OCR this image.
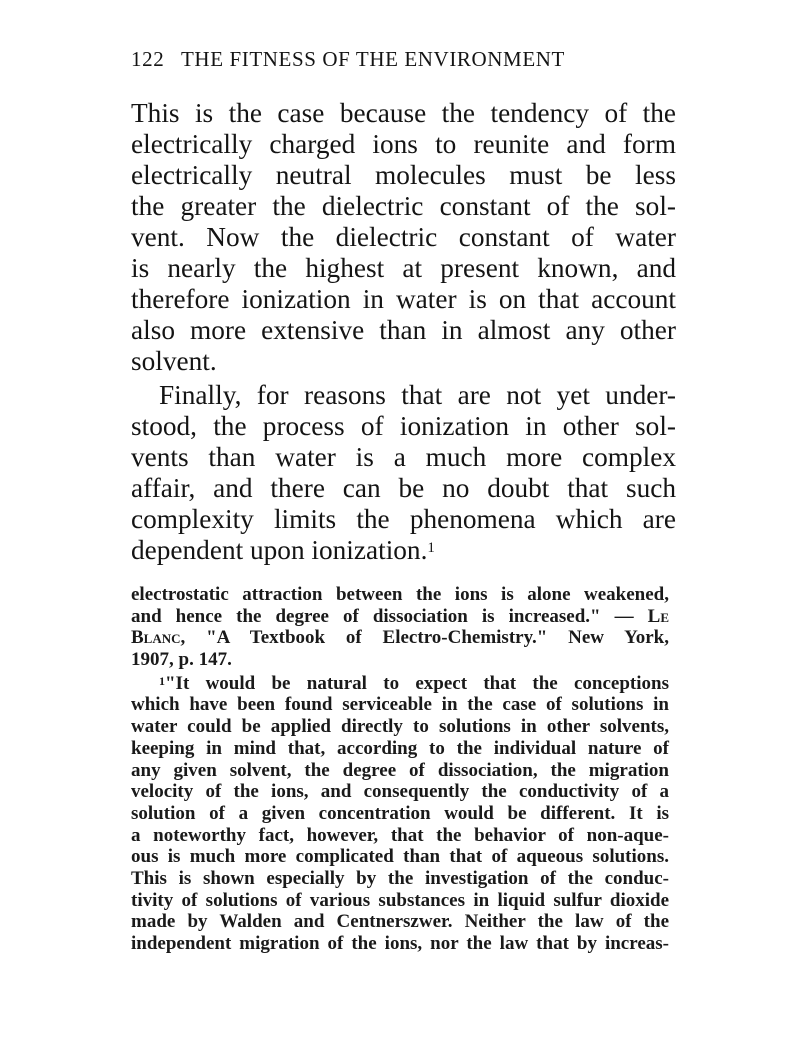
122 THE FITNESS OF THE ENVIRONMENT
This is the case because the tendency of the
electrically charged ions to reunite and form
electrically neutral molecules must be less
the greater the dielectric constant of the sol-
vent. Now the dielectric constant of water
is nearly the highest at present known, and
therefore ionization in water is on that account
also more extensive than in almost any other
solvent.
Finally, for reasons that are not yet under-
stood, the process of ionization in other sol-
vents than water is a much more complex
affair, and there can be no doubt that such
complexity limits the phenomena which are
dependent upon ionization.$^1$
electrostatic attraction between the ions is alone weakened,
and hence the degree of dissociation is increased." — Le
Blanc, "A Textbook of Electro-Chemistry." New York,
1907, p. 147.
$^1$"It would be natural to expect that the conceptions
which have been found serviceable in the case of solutions in
water could be applied directly to solutions in other solvents,
keeping in mind that, according to the individual nature of
any given solvent, the degree of dissociation, the migration
velocity of the ions, and consequently the conductivity of a
solution of a given concentration would be different. It is
a noteworthy fact, however, that the behavior of non-aque-
ous is much more complicated than that of aqueous solutions.
This is shown especially by the investigation of the conduc-
tivity of solutions of various substances in liquid sulfur dioxide
made by Walden and Centnerszwer. Neither the law of the
independent migration of the ions, nor the law that by increas-
